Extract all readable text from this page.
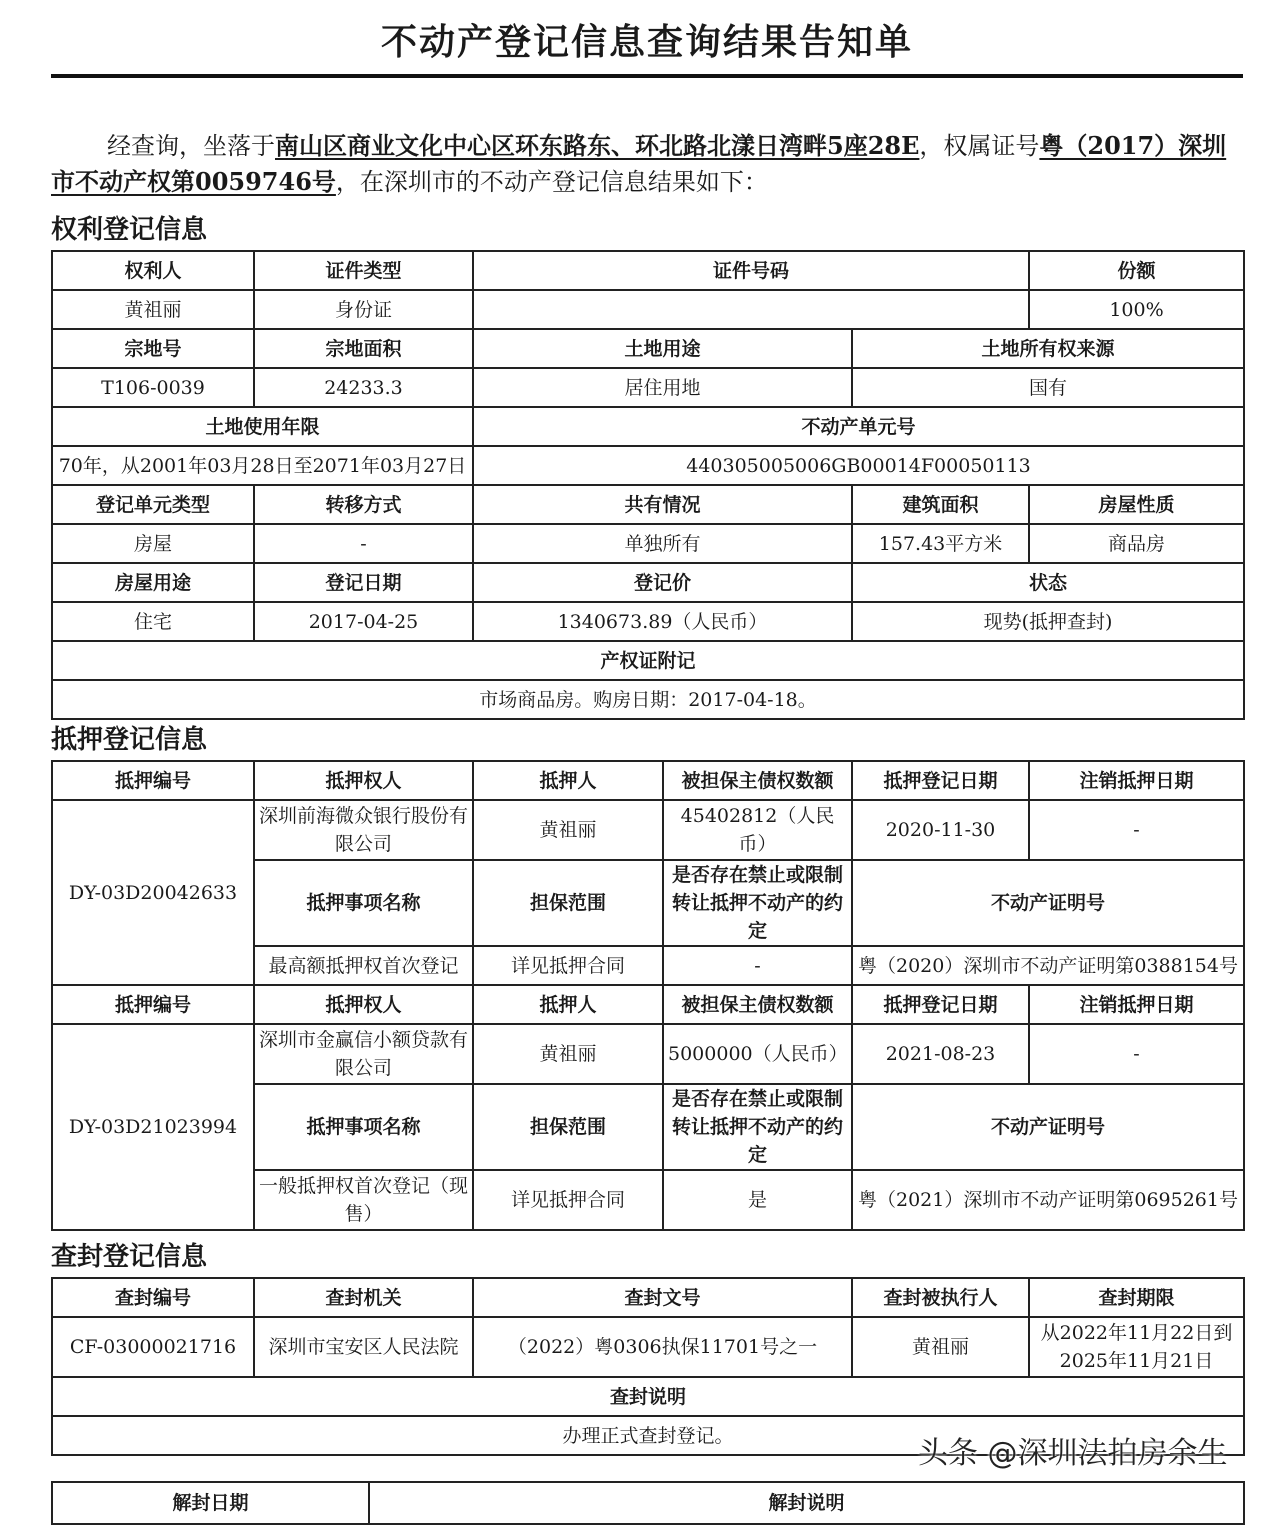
不动产登记信息查询结果告知单
经查询，坐落于南山区商业文化中心区环东路东、环北路北漾日湾畔5座28E，权属证号粤（2017）深圳市不动产权第0059746号，在深圳市的不动产登记信息结果如下：
权利登记信息
权利人	证件类型	证件号码		份额
黄祖丽	身份证			100%
宗地号	宗地面积	土地用途	土地所有权来源	
T106-0039	24233.3	居住用地	国有	
土地使用年限		不动产单元号		
70年，从2001年03月28日至2071年03月27日		440305005006GB00014F00050113		
登记单元类型	转移方式	共有情况	建筑面积	房屋性质
房屋	-	单独所有	157.43平方米	商品房
房屋用途	登记日期	登记价	状态	
住宅	2017-04-25	1340673.89（人民币）	现势(抵押查封)	
产权证附记				
市场商品房。购房日期：2017-04-18。				
抵押登记信息
抵押编号	抵押权人	抵押人	被担保主债权数额	抵押登记日期	注销抵押日期
DY-03D20042633	深圳前海微众银行股份有限公司	黄祖丽	45402812（人民币）	2020-11-30	-
	抵押事项名称	担保范围	是否存在禁止或限制转让抵押不动产的约定	不动产证明号	
	最高额抵押权首次登记	详见抵押合同	-	粤（2020）深圳市不动产证明第0388154号	
抵押编号	抵押权人	抵押人	被担保主债权数额	抵押登记日期	注销抵押日期
DY-03D21023994	深圳市金赢信小额贷款有限公司	黄祖丽	5000000（人民币）	2021-08-23	-
	抵押事项名称	担保范围	是否存在禁止或限制转让抵押不动产的约定	不动产证明号	
	一般抵押权首次登记（现售）	详见抵押合同	是	粤（2021）深圳市不动产证明第0695261号	
查封登记信息
查封编号	查封机关	查封文号	查封被执行人	查封期限
CF-03000021716	深圳市宝安区人民法院	（2022）粤0306执保11701号之一	黄祖丽	从2022年11月22日到2025年11月21日
查封说明				
办理正式查封登记。				
解封日期	解封说明
头条 @深圳法拍房余生
